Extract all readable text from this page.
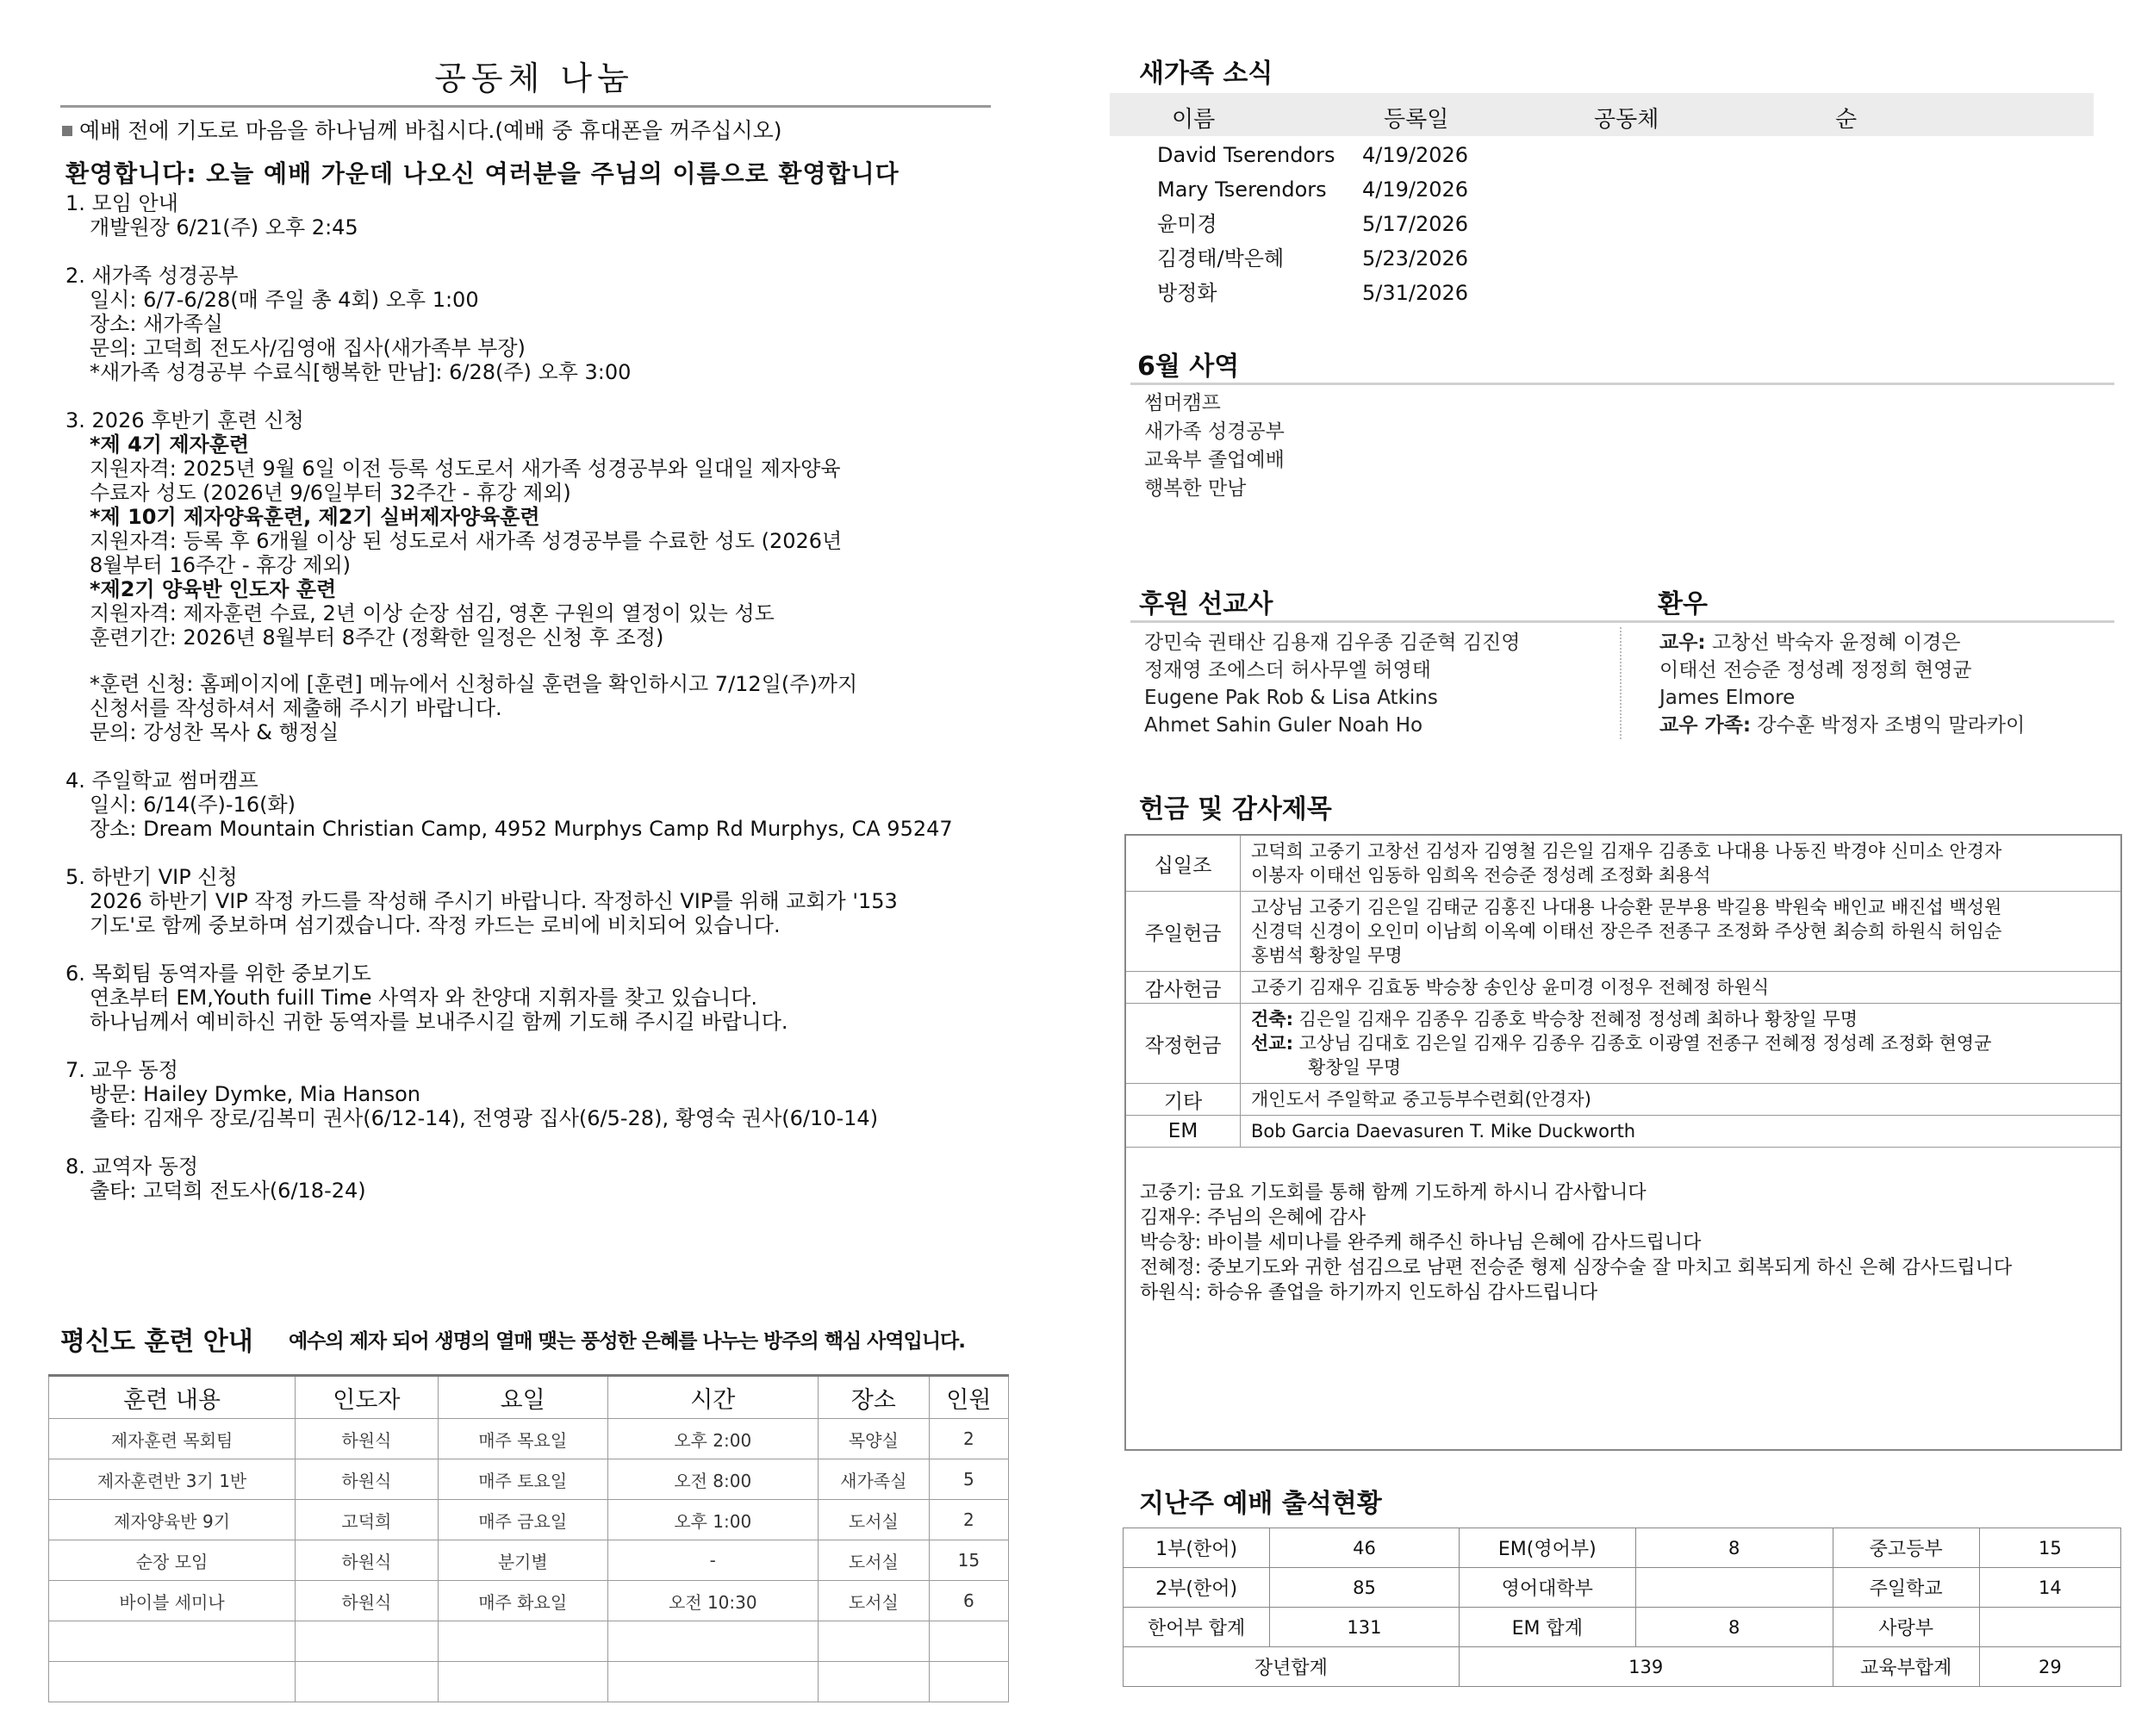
공동체 나눔
예배 전에 기도로 마음을 하나님께 바칩시다.(예배 중 휴대폰을 꺼주십시오)
환영합니다: 오늘 예배 가운데 나오신 여러분을 주님의 이름으로 환영합니다
1. 모임 안내
개발원장 6/21(주) 오후 2:45
2. 새가족 성경공부
일시: 6/7-6/28(매 주일 총 4회) 오후 1:00
장소: 새가족실
문의: 고덕희 전도사/김영애 집사(새가족부 부장)
*새가족 성경공부 수료식[행복한 만남]: 6/28(주) 오후 3:00
3. 2026 후반기 훈련 신청
*제 4기 제자훈련
지원자격: 2025년 9월 6일 이전 등록 성도로서 새가족 성경공부와 일대일 제자양육
수료자 성도 (2026년 9/6일부터 32주간 - 휴강 제외)
*제 10기 제자양육훈련, 제2기 실버제자양육훈련
지원자격: 등록 후 6개월 이상 된 성도로서 새가족 성경공부를 수료한 성도 (2026년
8월부터 16주간 - 휴강 제외)
*제2기 양육반 인도자 훈련
지원자격: 제자훈련 수료, 2년 이상 순장 섬김, 영혼 구원의 열정이 있는 성도
훈련기간: 2026년 8월부터 8주간 (정확한 일정은 신청 후 조정)
*훈련 신청: 홈페이지에 [훈련] 메뉴에서 신청하실 훈련을 확인하시고 7/12일(주)까지
신청서를 작성하셔서 제출해 주시기 바랍니다.
문의: 강성찬 목사 & 행정실
4. 주일학교 썸머캠프
일시: 6/14(주)-16(화)
장소: Dream Mountain Christian Camp, 4952 Murphys Camp Rd Murphys, CA 95247
5. 하반기 VIP 신청
2026 하반기 VIP 작정 카드를 작성해 주시기 바랍니다. 작정하신 VIP를 위해 교회가 '153
기도'로 함께 중보하며 섬기겠습니다. 작정 카드는 로비에 비치되어 있습니다.
6. 목회팀 동역자를 위한 중보기도
연초부터 EM,Youth fuill Time 사역자 와 찬양대 지휘자를 찾고 있습니다.
하나님께서 예비하신 귀한 동역자를 보내주시길 함께 기도해 주시길 바랍니다.
7. 교우 동정
방문: Hailey Dymke, Mia Hanson
출타: 김재우 장로/김복미 권사(6/12-14), 전영광 집사(6/5-28), 황영숙 권사(6/10-14)
8. 교역자 동정
출타: 고덕희 전도사(6/18-24)
평신도 훈련 안내 예수의 제자 되어 생명의 열매 맺는 풍성한 은혜를 나누는 방주의 핵심 사역입니다.
훈련 내용	인도자	요일	시간	장소	인원
제자훈련 목회팀	하원식	매주 목요일	오후 2:00	목양실	2
제자훈련반 3기 1반	하원식	매주 토요일	오전 8:00	새가족실	5
제자양육반 9기	고덕희	매주 금요일	오후 1:00	도서실	2
순장 모임	하원식	분기별	-	도서실	15
바이블 세미나	하원식	매주 화요일	오전 10:30	도서실	6

새가족 소식
이름	등록일	공동체	순
David Tserendors 4/19/2026
Mary Tserendors 4/19/2026
윤미경	5/17/2026
김경태/박은혜	5/23/2026
방정화	5/31/2026
6월 사역
썸머캠프
새가족 성경공부
교육부 졸업예배
행복한 만남
후원 선교사	환우
강민숙 권태산 김용재 김우종 김준혁 김진영
정재영 조에스더 허사무엘 허영태
Eugene Pak Rob & Lisa Atkins
Ahmet Sahin Guler Noah Ho
교우: 고창선 박숙자 윤정혜 이경은
이태선 전승준 정성례 정정희 현영균
James Elmore
교우 가족: 강수훈 박정자 조병익 말라카이
헌금 및 감사제목
십일조	고덕희 고중기 고창선 김성자 김영철 김은일 김재우 김종호 나대용 나동진 박경야 신미소 안경자
이봉자 이태선 임동하 임희옥 전승준 정성례 조정화 최용석

주일헌금	고상님 고중기 김은일 김태군 김홍진 나대용 나승환 문부용 박길용 박원숙 배인교 배진섭 백성원
신경덕 신경이 오인미 이남희 이옥예 이태선 장은주 전종구 조정화 주상현 최승희 하원식 허임순
홍범석 황창일 무명

감사헌금	고중기 김재우 김효동 박승창 송인상 윤미경 이정우 전혜정 하원식

작정헌금	건축: 김은일 김재우 김종우 김종호 박승창 전혜정 정성례 최하나 황창일 무명
선교: 고상님 김대호 김은일 김재우 김종우 김종호 이광열 전종구 전혜정 정성례 조정화 현영균
황창일 무명

기타	개인도서 주일학교 중고등부수련회(안경자)

EM	Bob Garcia Daevasuren T. Mike Duckworth
고중기: 금요 기도회를 통해 함께 기도하게 하시니 감사합니다
김재우: 주님의 은혜에 감사
박승창: 바이블 세미나를 완주케 해주신 하나님 은혜에 감사드립니다
전혜정: 중보기도와 귀한 섬김으로 남편 전승준 형제 심장수술 잘 마치고 회복되게 하신 은혜 감사드립니다
하원식: 하승유 졸업을 하기까지 인도하심 감사드립니다
지난주 예배 출석현황
1부(한어)	46	EM(영어부)	8	중고등부	15
2부(한어)	85	영어대학부		주일학교	14
한어부 합계	131	EM 합계	8	사랑부	
장년합계		139		교육부합계	29
